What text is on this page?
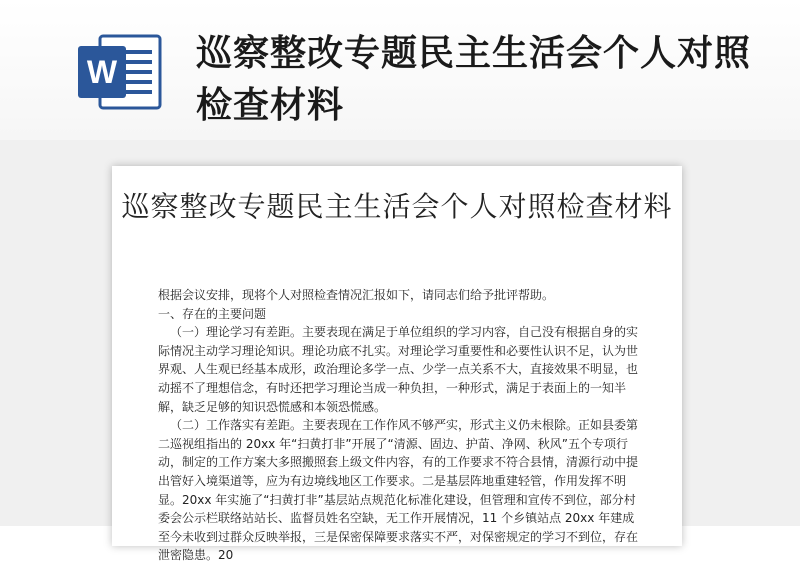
W 巡察整改专题民主生活会个人对照检查材料
巡察整改专题民主生活会个人对照检查材料

根据会议安排，现将个人对照检查情况汇报如下，请同志们给予批评帮助。

一、存在的主要问题

（一）理论学习有差距。主要表现在满足于单位组织的学习内容，自己没有根据自身的实际情况主动学习理论知识。理论功底不扎实。对理论学习重要性和必要性认识不足，认为世界观、人生观已经基本成形，政治理论多学一点、少学一点关系不大，直接效果不明显，也动摇不了理想信念，有时还把学习理论当成一种负担，一种形式，满足于表面上的一知半解，缺乏足够的知识恐慌感和本领恐慌感。

（二）工作落实有差距。主要表现在工作作风不够严实，形式主义仍未根除。正如县委第二巡视组指出的 20xx 年“扫黄打非”开展了“清源、固边、护苗、净网、秋风”五个专项行动，制定的工作方案大多照搬照套上级文件内容，有的工作要求不符合县情，清源行动中提出管好入境渠道等，应为有边境线地区工作要求。二是基层阵地重建轻管，作用发挥不明显。20xx 年实施了“扫黄打非”基层站点规范化标准化建设，但管理和宣传不到位，部分村委会公示栏联络站站长、监督员姓名空缺，无工作开展情况，11 个乡镇站点 20xx 年建成至今未收到过群众反映举报，三是保密保障要求落实不严，对保密规定的学习不到位，存在泄密隐患。20
